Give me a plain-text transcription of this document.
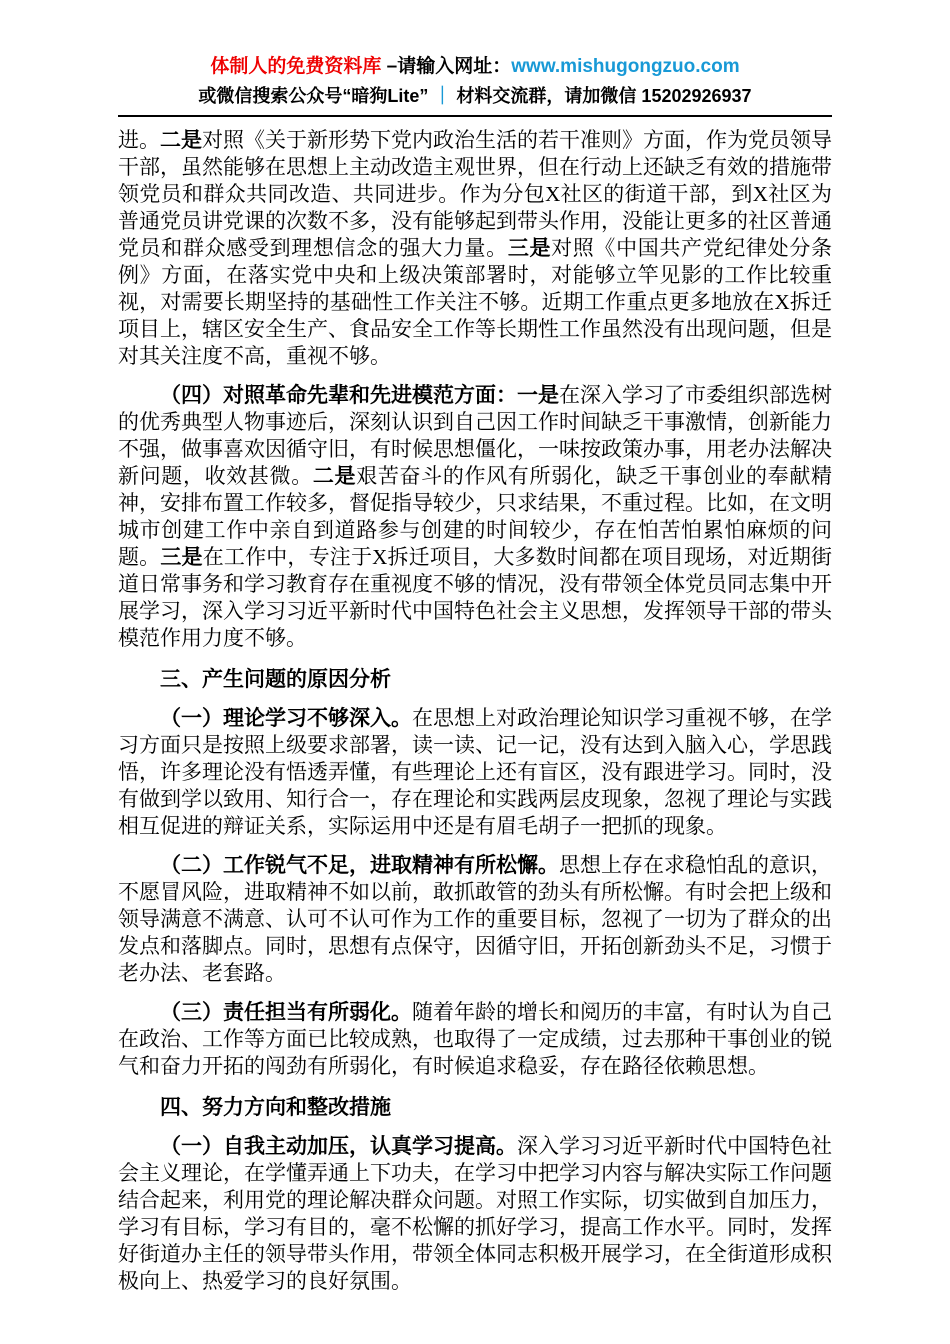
体制人的免费资料库 –请输入网址：www.mishugongzuo.com
或微信搜索公众号“暗狗Lite” ｜ 材料交流群，请加微信 15202926937

进。二是对照《关于新形势下党内政治生活的若干准则》方面，作为党员领导干部，虽然能够在思想上主动改造主观世界，但在行动上还缺乏有效的措施带领党员和群众共同改造、共同进步。作为分包X社区的街道干部，到X社区为普通党员讲党课的次数不多，没有能够起到带头作用，没能让更多的社区普通党员和群众感受到理想信念的强大力量。三是对照《中国共产党纪律处分条例》方面，在落实党中央和上级决策部署时，对能够立竿见影的工作比较重视，对需要长期坚持的基础性工作关注不够。近期工作重点更多地放在X拆迁项目上，辖区安全生产、食品安全工作等长期性工作虽然没有出现问题，但是对其关注度不高，重视不够。

（四）对照革命先辈和先进模范方面：一是在深入学习了市委组织部选树的优秀典型人物事迹后，深刻认识到自己因工作时间缺乏干事激情，创新能力不强，做事喜欢因循守旧，有时候思想僵化，一味按政策办事，用老办法解决新问题，收效甚微。二是艰苦奋斗的作风有所弱化，缺乏干事创业的奉献精神，安排布置工作较多，督促指导较少，只求结果，不重过程。比如，在文明城市创建工作中亲自到道路参与创建的时间较少，存在怕苦怕累怕麻烦的问题。三是在工作中，专注于X拆迁项目，大多数时间都在项目现场，对近期街道日常事务和学习教育存在重视度不够的情况，没有带领全体党员同志集中开展学习，深入学习习近平新时代中国特色社会主义思想，发挥领导干部的带头模范作用力度不够。

三、产生问题的原因分析

（一）理论学习不够深入。在思想上对政治理论知识学习重视不够，在学习方面只是按照上级要求部署，读一读、记一记，没有达到入脑入心，学思践悟，许多理论没有悟透弄懂，有些理论上还有盲区，没有跟进学习。同时，没有做到学以致用、知行合一，存在理论和实践两层皮现象，忽视了理论与实践相互促进的辩证关系，实际运用中还是有眉毛胡子一把抓的现象。

（二）工作锐气不足，进取精神有所松懈。思想上存在求稳怕乱的意识，不愿冒风险，进取精神不如以前，敢抓敢管的劲头有所松懈。有时会把上级和领导满意不满意、认可不认可作为工作的重要目标，忽视了一切为了群众的出发点和落脚点。同时，思想有点保守，因循守旧，开拓创新劲头不足，习惯于老办法、老套路。

（三）责任担当有所弱化。随着年龄的增长和阅历的丰富，有时认为自己在政治、工作等方面已比较成熟，也取得了一定成绩，过去那种干事创业的锐气和奋力开拓的闯劲有所弱化，有时候追求稳妥，存在路径依赖思想。

四、努力方向和整改措施

（一）自我主动加压，认真学习提高。深入学习习近平新时代中国特色社会主义理论，在学懂弄通上下功夫，在学习中把学习内容与解决实际工作问题结合起来，利用党的理论解决群众问题。对照工作实际，切实做到自加压力，学习有目标，学习有目的，毫不松懈的抓好学习，提高工作水平。同时，发挥好街道办主任的领导带头作用，带领全体同志积极开展学习，在全街道形成积极向上、热爱学习的良好氛围。
